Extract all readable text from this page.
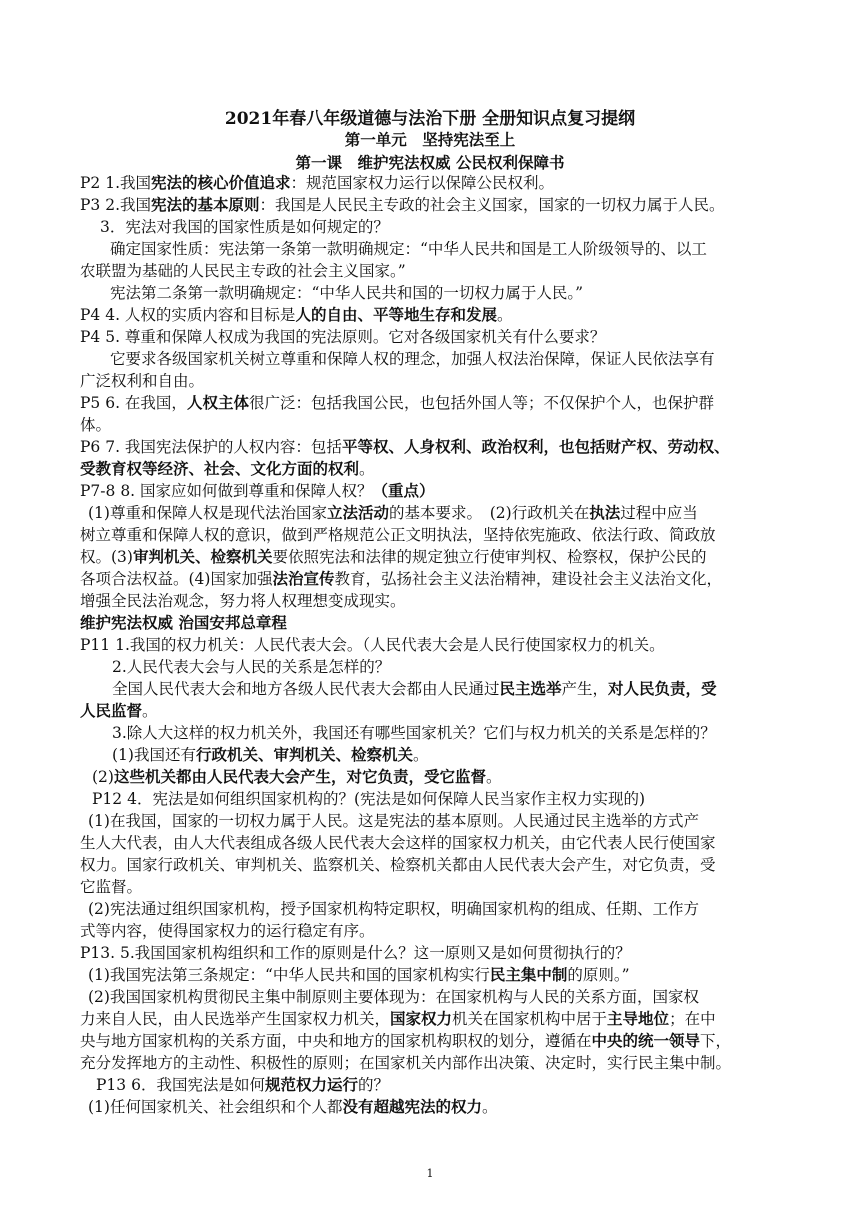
2021年春八年级道德与法治下册 全册知识点复习提纲
第一单元　坚持宪法至上
第一课　维护宪法权威 公民权利保障书
P2 1.我国宪法的核心价值追求：规范国家权力运行以保障公民权利。
P3 2.我国宪法的基本原则：我国是人民民主专政的社会主义国家，国家的一切权力属于人民。
3．宪法对我国的国家性质是如何规定的？
确定国家性质：宪法第一条第一款明确规定：“中华人民共和国是工人阶级领导的、以工
农联盟为基础的人民民主专政的社会主义国家。”
宪法第二条第一款明确规定：“中华人民共和国的一切权力属于人民。”
P4 4. 人权的实质内容和目标是人的自由、平等地生存和发展。
P4 5. 尊重和保障人权成为我国的宪法原则。它对各级国家机关有什么要求？
它要求各级国家机关树立尊重和保障人权的理念，加强人权法治保障，保证人民依法享有
广泛权利和自由。
P5 6. 在我国，人权主体很广泛：包括我国公民，也包括外国人等；不仅保护个人，也保护群
体。
P6 7. 我国宪法保护的人权内容：包括平等权、人身权利、政治权利，也包括财产权、劳动权、
受教育权等经济、社会、文化方面的权利。
P7-8 8. 国家应如何做到尊重和保障人权？（重点）
(1)尊重和保障人权是现代法治国家立法活动的基本要求。　(2)行政机关在执法过程中应当
树立尊重和保障人权的意识，做到严格规范公正文明执法，坚持依宪施政、依法行政、简政放
权。(3)审判机关、检察机关要依照宪法和法律的规定独立行使审判权、检察权，保护公民的
各项合法权益。(4)国家加强法治宣传教育，弘扬社会主义法治精神，建设社会主义法治文化，
增强全民法治观念，努力将人权理想变成现实。
维护宪法权威 治国安邦总章程
P11 1.我国的权力机关：人民代表大会。（人民代表大会是人民行使国家权力的机关。
2.人民代表大会与人民的关系是怎样的？
全国人民代表大会和地方各级人民代表大会都由人民通过民主选举产生，对人民负责，受
人民监督。
3.除人大这样的权力机关外，我国还有哪些国家机关？它们与权力机关的关系是怎样的？
(1)我国还有行政机关、审判机关、检察机关。
(2)这些机关都由人民代表大会产生，对它负责，受它监督。
P12 4．宪法是如何组织国家机构的？(宪法是如何保障人民当家作主权力实现的)
(1)在我国，国家的一切权力属于人民。这是宪法的基本原则。人民通过民主选举的方式产
生人大代表，由人大代表组成各级人民代表大会这样的国家权力机关，由它代表人民行使国家
权力。国家行政机关、审判机关、监察机关、检察机关都由人民代表大会产生，对它负责，受
它监督。
(2)宪法通过组织国家机构，授予国家机构特定职权，明确国家机构的组成、任期、工作方
式等内容，使得国家权力的运行稳定有序。
P13. 5.我国国家机构组织和工作的原则是什么？这一原则又是如何贯彻执行的？
(1)我国宪法第三条规定：“中华人民共和国的国家机构实行民主集中制的原则。”
(2)我国国家机构贯彻民主集中制原则主要体现为：在国家机构与人民的关系方面，国家权
力来自人民，由人民选举产生国家权力机关，国家权力机关在国家机构中居于主导地位；在中
央与地方国家机构的关系方面，中央和地方的国家机构职权的划分，遵循在中央的统一领导下，
充分发挥地方的主动性、积极性的原则；在国家机关内部作出决策、决定时，实行民主集中制。
P13 6．我国宪法是如何规范权力运行的？
(1)任何国家机关、社会组织和个人都没有超越宪法的权力。
1
